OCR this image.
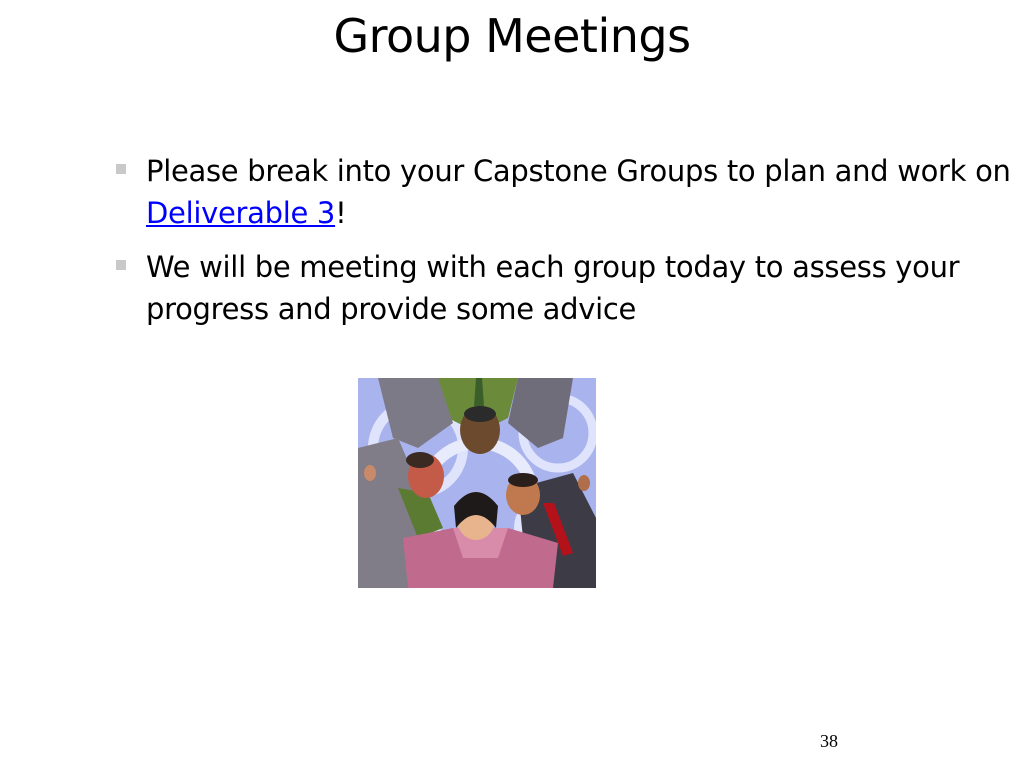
Group Meetings
Please break into your Capstone Groups to plan and work on Deliverable 3!
We will be meeting with each group today to assess your progress and provide some advice
38
